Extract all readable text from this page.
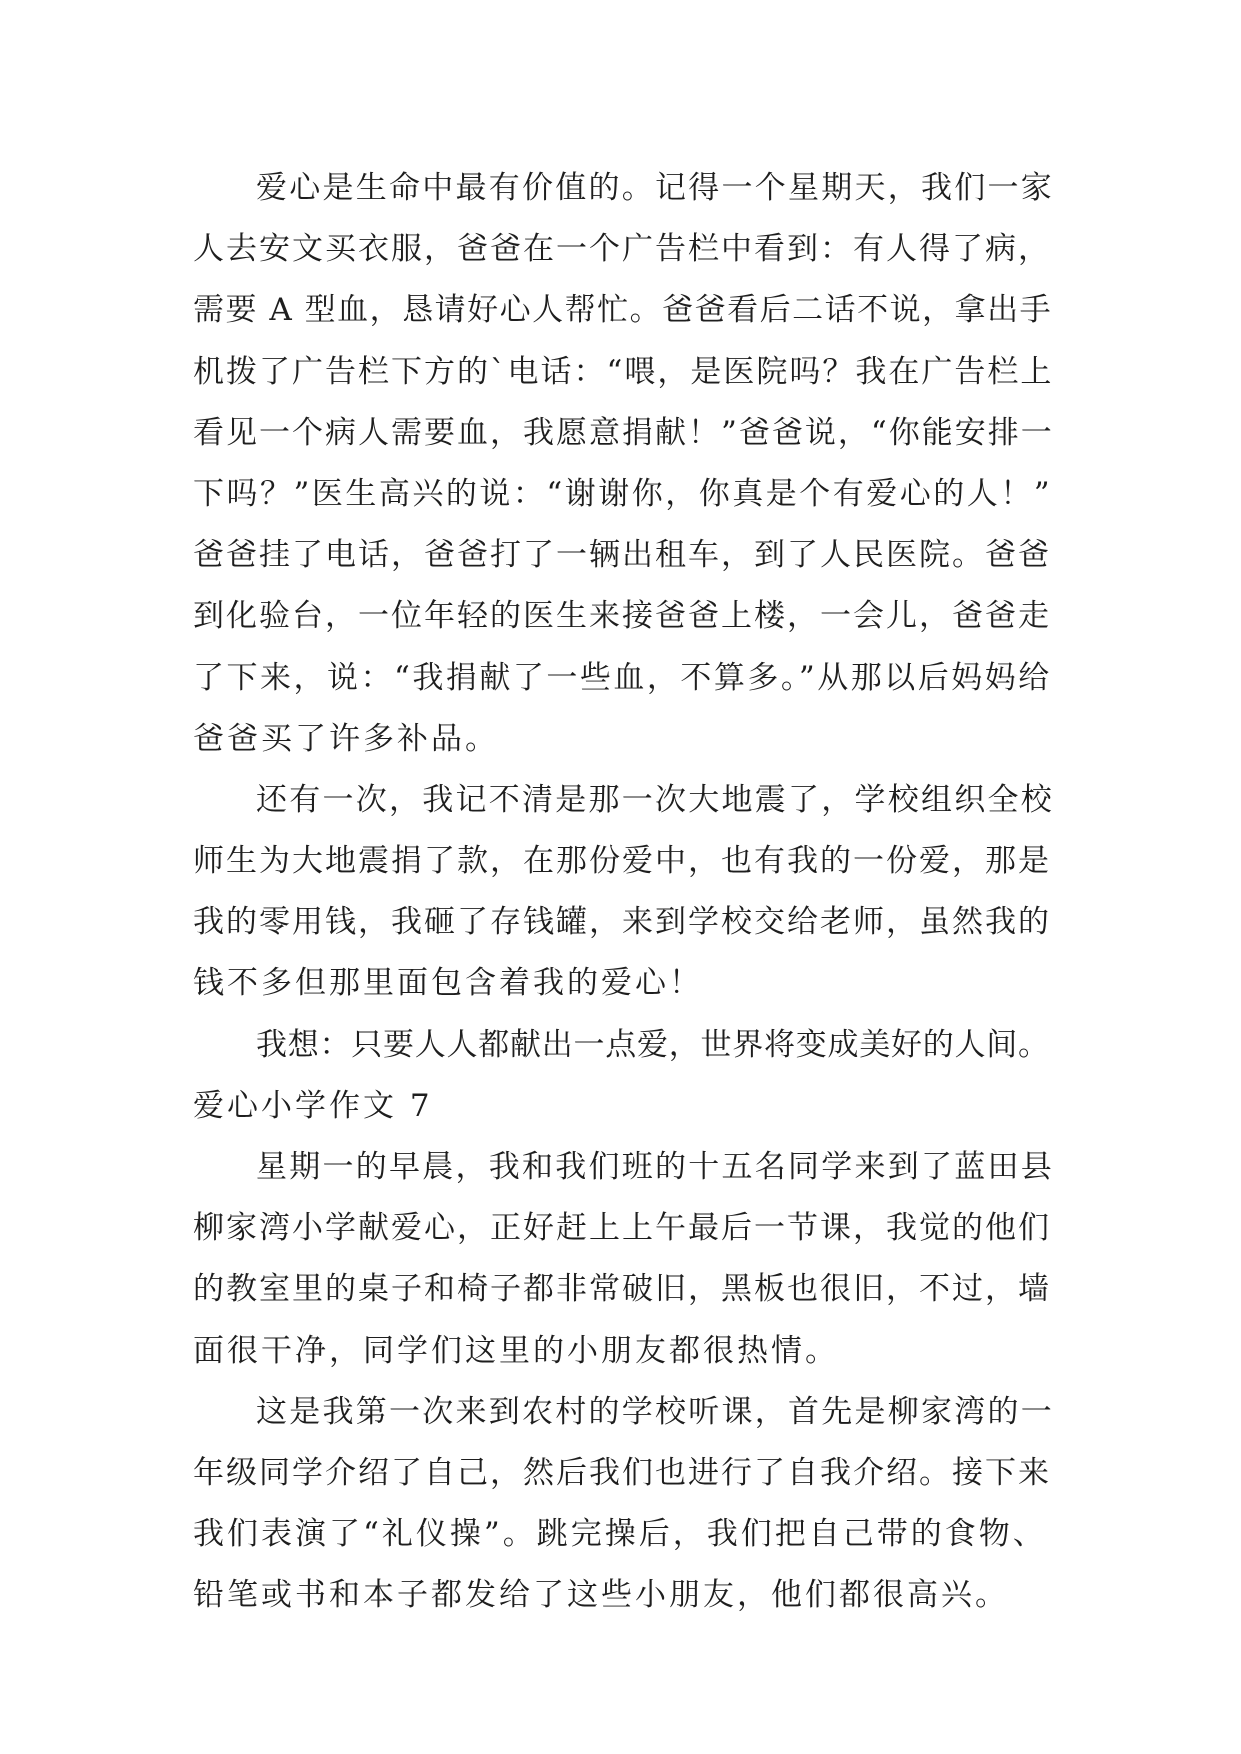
爱心是生命中最有价值的。记得一个星期天，我们一家
人去安文买衣服，爸爸在一个广告栏中看到：有人得了病，
需要 A 型血，恳请好心人帮忙。爸爸看后二话不说，拿出手
机拨了广告栏下方的`电话：“喂，是医院吗？我在广告栏上
看见一个病人需要血，我愿意捐献！”爸爸说，“你能安排一
下吗？”医生高兴的说：“谢谢你，你真是个有爱心的人！”
爸爸挂了电话，爸爸打了一辆出租车，到了人民医院。爸爸
到化验台，一位年轻的医生来接爸爸上楼，一会儿，爸爸走
了下来，说：“我捐献了一些血，不算多。”从那以后妈妈给
爸爸买了许多补品。
还有一次，我记不清是那一次大地震了，学校组织全校
师生为大地震捐了款，在那份爱中，也有我的一份爱，那是
我的零用钱，我砸了存钱罐，来到学校交给老师，虽然我的
钱不多但那里面包含着我的爱心！
我想：只要人人都献出一点爱，世界将变成美好的人间。
爱心小学作文 7
星期一的早晨，我和我们班的十五名同学来到了蓝田县
柳家湾小学献爱心，正好赶上上午最后一节课，我觉的他们
的教室里的桌子和椅子都非常破旧，黑板也很旧，不过，墙
面很干净，同学们这里的小朋友都很热情。
这是我第一次来到农村的学校听课，首先是柳家湾的一
年级同学介绍了自己，然后我们也进行了自我介绍。接下来
我们表演了“礼仪操”。跳完操后，我们把自己带的食物、
铅笔或书和本子都发给了这些小朋友，他们都很高兴。
